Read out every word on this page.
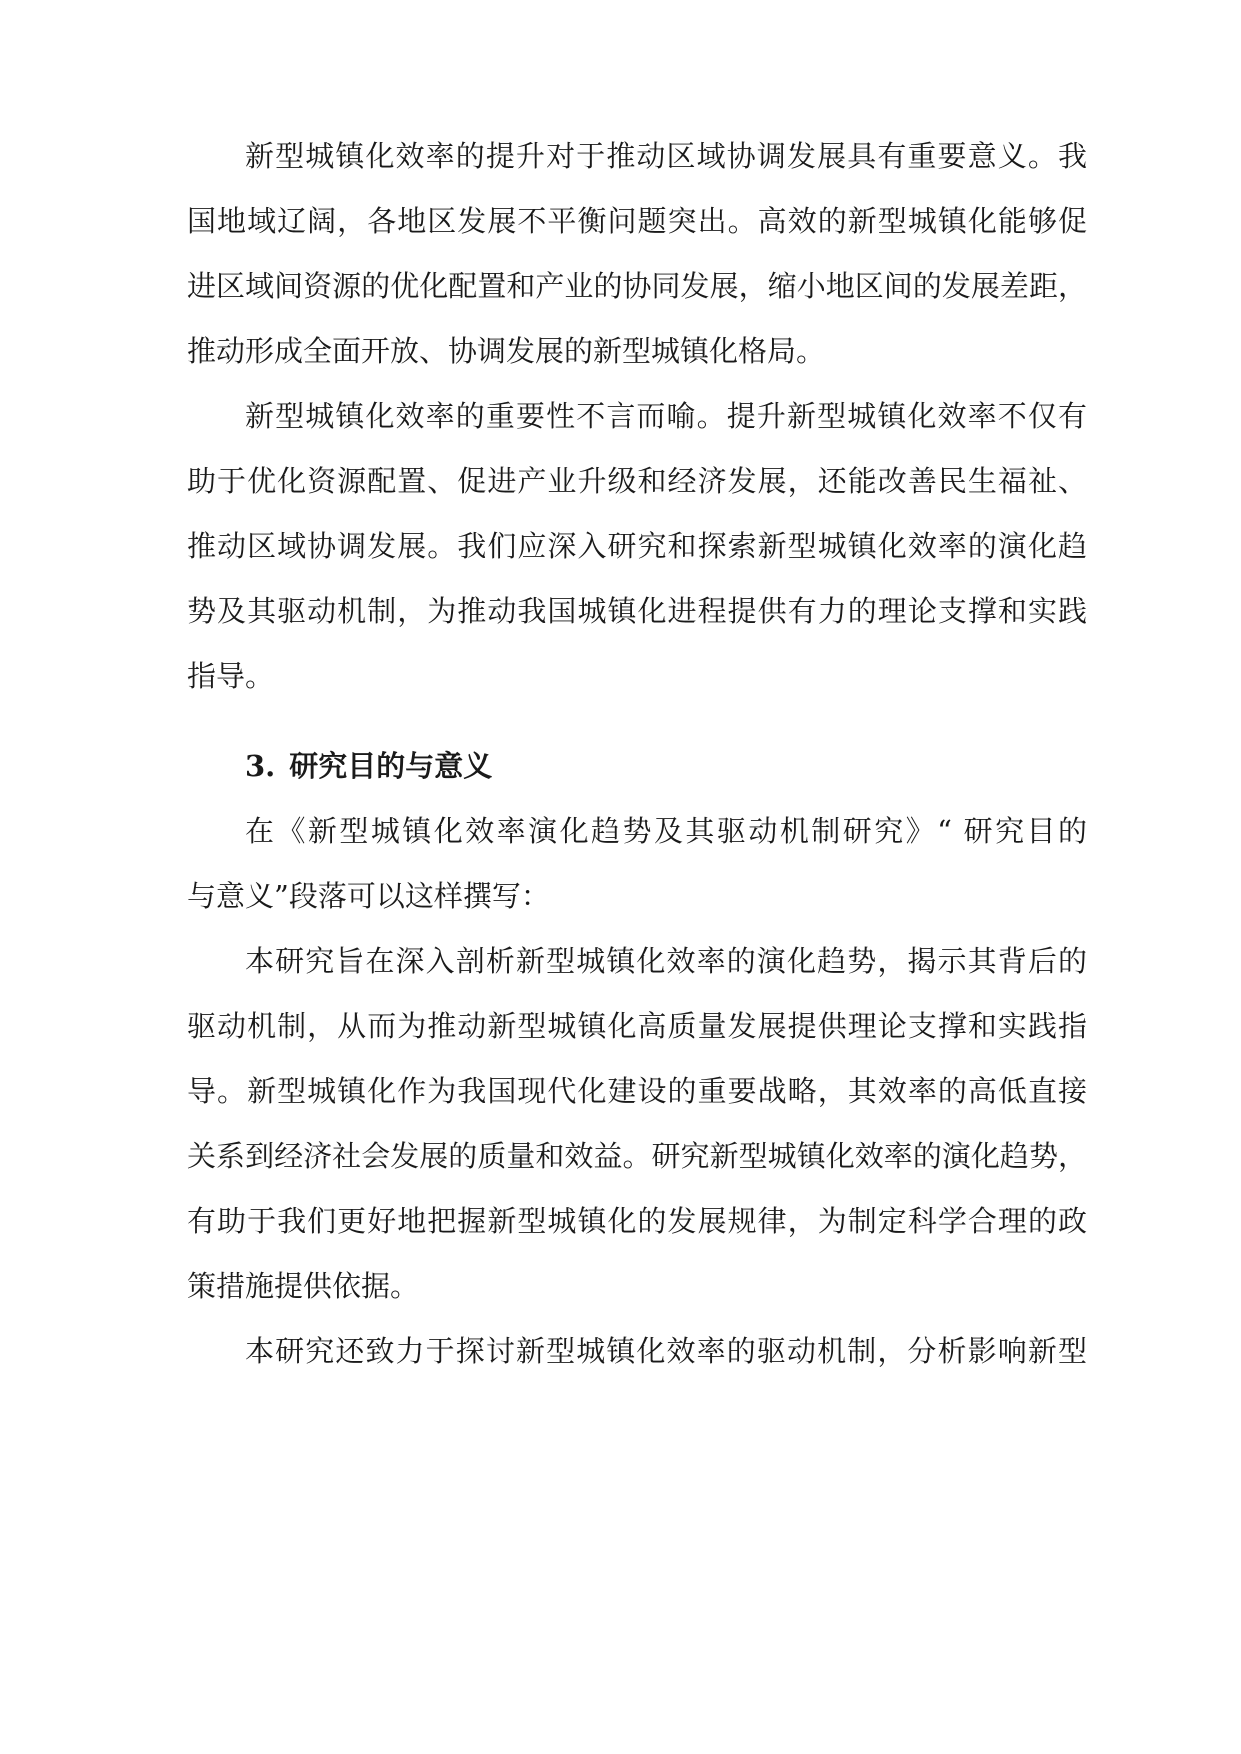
新型城镇化效率的提升对于推动区域协调发展具有重要意义。我
国地域辽阔，各地区发展不平衡问题突出。高效的新型城镇化能够促
进区域间资源的优化配置和产业的协同发展，缩小地区间的发展差距，
推动形成全面开放、协调发展的新型城镇化格局。
新型城镇化效率的重要性不言而喻。提升新型城镇化效率不仅有
助于优化资源配置、促进产业升级和经济发展，还能改善民生福祉、
推动区域协调发展。我们应深入研究和探索新型城镇化效率的演化趋
势及其驱动机制，为推动我国城镇化进程提供有力的理论支撑和实践
指导。
3. 研究目的与意义
在《新型城镇化效率演化趋势及其驱动机制研究》“ 研究目的
与意义”段落可以这样撰写：
本研究旨在深入剖析新型城镇化效率的演化趋势，揭示其背后的
驱动机制，从而为推动新型城镇化高质量发展提供理论支撑和实践指
导。新型城镇化作为我国现代化建设的重要战略，其效率的高低直接
关系到经济社会发展的质量和效益。研究新型城镇化效率的演化趋势，
有助于我们更好地把握新型城镇化的发展规律，为制定科学合理的政
策措施提供依据。
本研究还致力于探讨新型城镇化效率的驱动机制，分析影响新型
